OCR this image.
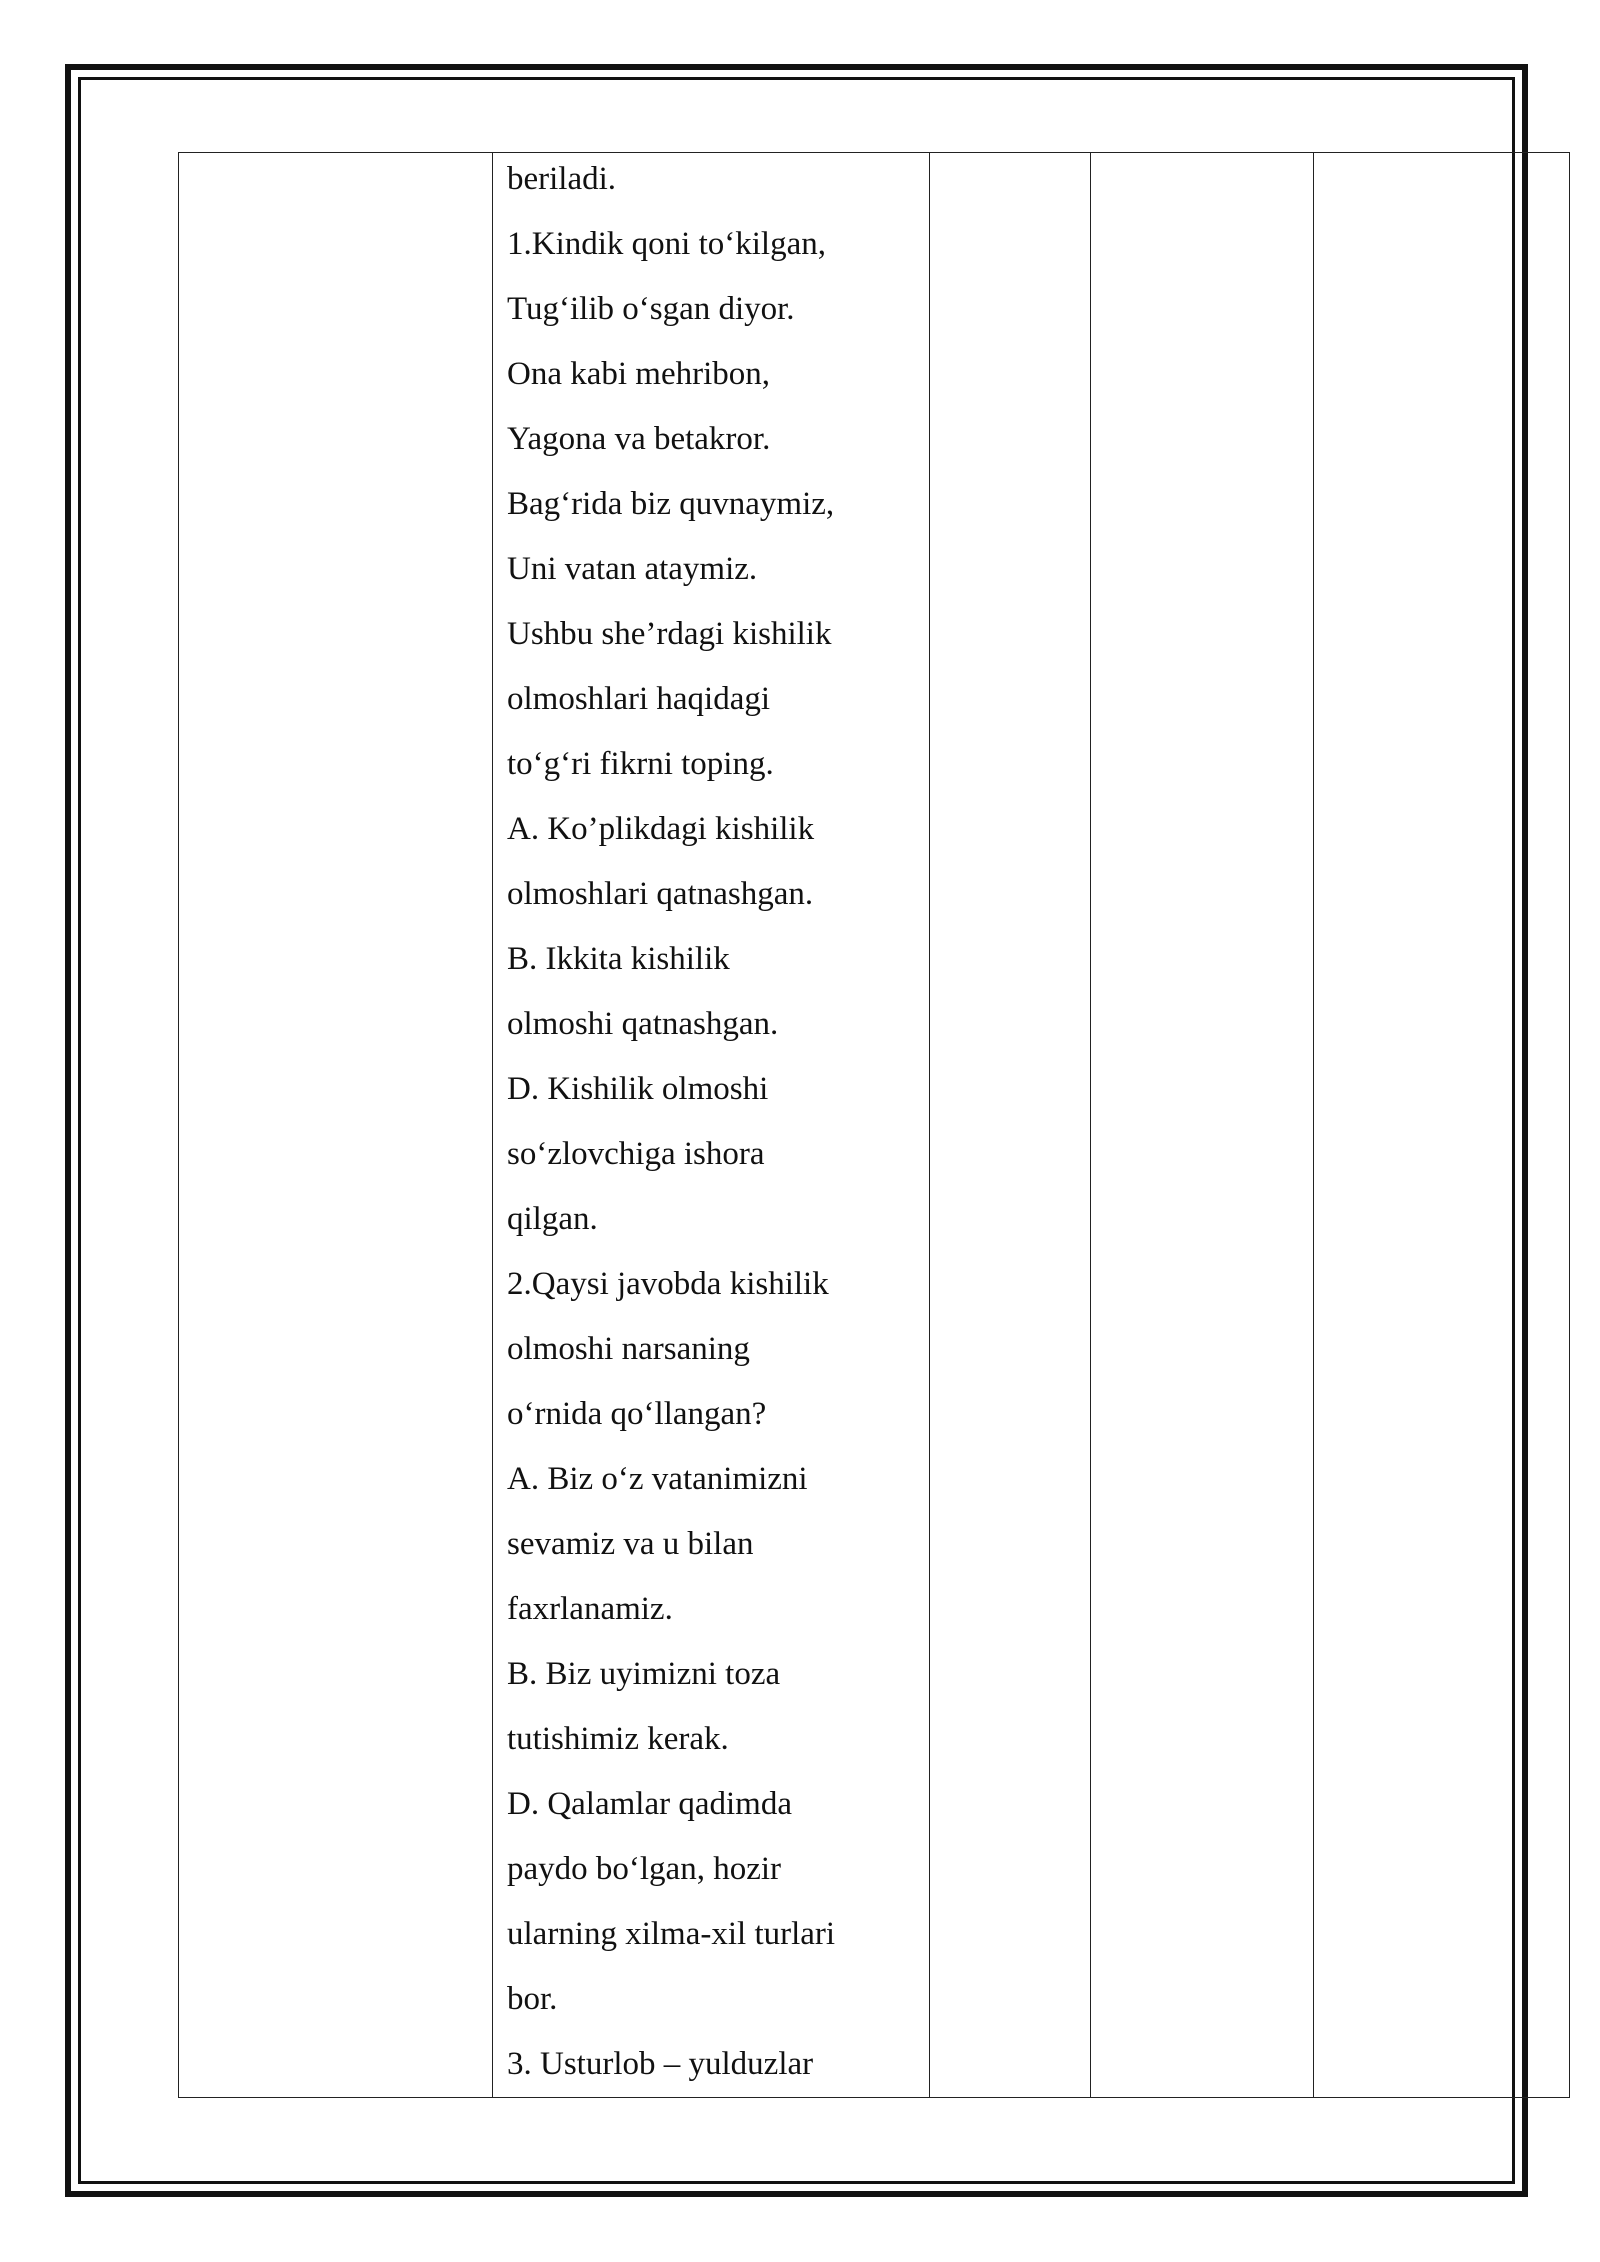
beriladi.
1.Kindik qoni to‘kilgan,
Tug‘ilib o‘sgan diyor.
Ona kabi mehribon,
Yagona va betakror.
Bag‘rida biz quvnaymiz,
Uni vatan ataymiz.
Ushbu she’rdagi kishilik
olmoshlari haqidagi
to‘g‘ri fikrni toping.
A. Ko’plikdagi kishilik
olmoshlari qatnashgan.
B. Ikkita kishilik
olmoshi qatnashgan.
D. Kishilik olmoshi
so‘zlovchiga ishora
qilgan.
2.Qaysi javobda kishilik
olmoshi narsaning
o‘rnida qo‘llangan?
A. Biz o‘z vatanimizni
sevamiz va u bilan
faxrlanamiz.
B. Biz uyimizni toza
tutishimiz kerak.
D. Qalamlar qadimda
paydo bo‘lgan, hozir
ularning xilma-xil turlari
bor.
3. Usturlob – yulduzlar
